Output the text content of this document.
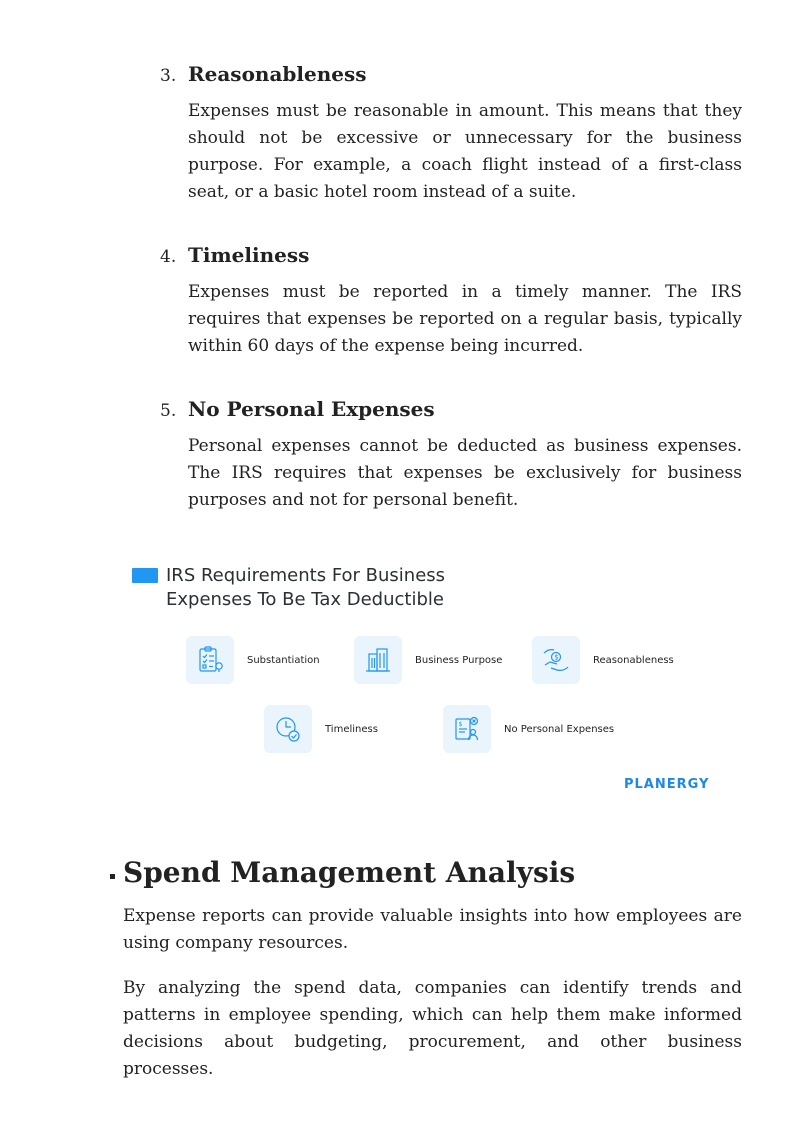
3. Reasonableness
Expenses must be reasonable in amount. This means that they should not be excessive or unnecessary for the business purpose. For example, a coach flight instead of a first-class seat, or a basic hotel room instead of a suite.
4. Timeliness
Expenses must be reported in a timely manner. The IRS requires that expenses be reported on a regular basis, typically within 60 days of the expense being incurred.
5. No Personal Expenses
Personal expenses cannot be deducted as business expenses. The IRS requires that expenses be exclusively for business purposes and not for personal benefit.
IRS Requirements For Business Expenses To Be Tax Deductible
Substantiation	Business Purpose	$	Reasonableness
Timeliness	$	No Personal Expenses
PLANERGY
Spend Management Analysis
Expense reports can provide valuable insights into how employees are using company resources.
By analyzing the spend data, companies can identify trends and patterns in employee spending, which can help them make informed decisions about budgeting, procurement, and other business processes.
